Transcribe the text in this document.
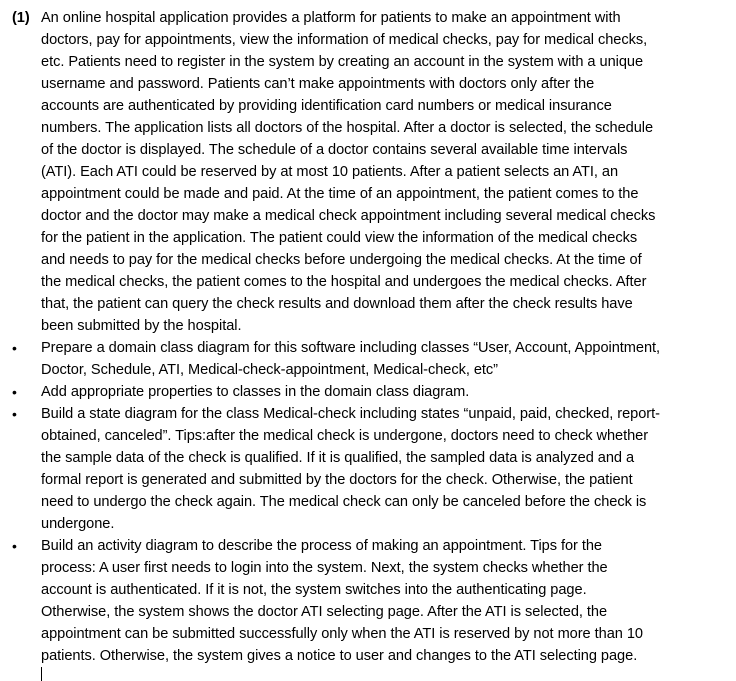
(1)

An online hospital application provides a platform for patients to make an appointment with

doctors, pay for appointments, view the information of medical checks, pay for medical checks,
etc. Patients need to register in the system by creating an account in the system with a unique
username and password. Patients can’t make appointments with doctors only after the
accounts are authenticated by providing identification card numbers or medical insurance
numbers. The application lists all doctors of the hospital. After a doctor is selected, the schedule
of the doctor is displayed. The schedule of a doctor contains several available time intervals
(ATI). Each ATI could be reserved by at most 10 patients. After a patient selects an ATI, an
appointment could be made and paid. At the time of an appointment, the patient comes to the
doctor and the doctor may make a medical check appointment including several medical checks
for the patient in the application. The patient could view the information of the medical checks
and needs to pay for the medical checks before undergoing the medical checks. At the time of
the medical checks, the patient comes to the hospital and undergoes the medical checks. After
that, the patient can query the check results and download them after the check results have
been submitted by the hospital.

•

Prepare a domain class diagram for this software including classes “User, Account, Appointment,

Doctor, Schedule, ATI, Medical-check-appointment, Medical-check, etc”

•

Add appropriate properties to classes in the domain class diagram.

•

Build a state diagram for the class Medical-check including states “unpaid, paid, checked, report-

obtained, canceled”. Tips:after the medical check is undergone, doctors need to check whether
the sample data of the check is qualified. If it is qualified, the sampled data is analyzed and a
formal report is generated and submitted by the doctors for the check. Otherwise, the patient
need to undergo the check again. The medical check can only be canceled before the check is
undergone.

•

Build an activity diagram to describe the process of making an appointment. Tips for the

process: A user first needs to login into the system. Next, the system checks whether the
account is authenticated. If it is not, the system switches into the authenticating page.
Otherwise, the system shows the doctor ATI selecting page. After the ATI is selected, the
appointment can be submitted successfully only when the ATI is reserved by not more than 10
patients. Otherwise, the system gives a notice to user and changes to the ATI selecting page.
